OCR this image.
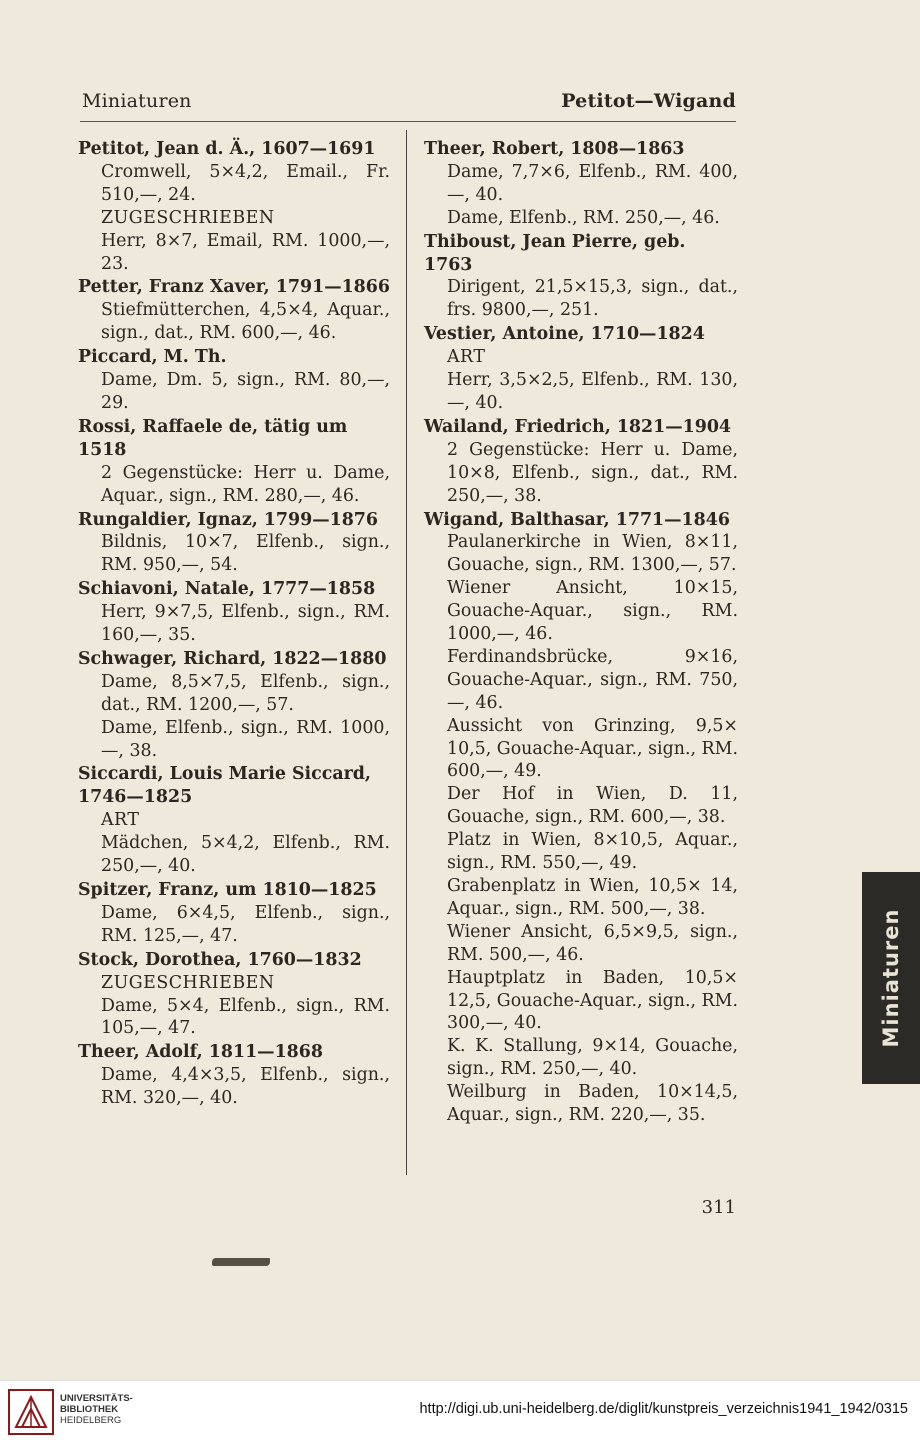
Miniaturen	Petitot—Wigand
Petitot, Jean d. Ä., 1607—1691
Cromwell, 5×4,2, Email., Fr. 510,—, 24.
ZUGESCHRIEBEN
Herr, 8×7, Email, RM. 1000,—, 23.
Petter, Franz Xaver, 1791—1866
Stiefmütterchen, 4,5×4, Aquar., sign., dat., RM. 600,—, 46.
Piccard, M. Th.
Dame, Dm. 5, sign., RM. 80,—, 29.
Rossi, Raffaele de, tätig um 1518
2 Gegenstücke: Herr u. Dame, Aquar., sign., RM. 280,—, 46.
Rungaldier, Ignaz, 1799—1876
Bildnis, 10×7, Elfenb., sign., RM. 950,—, 54.
Schiavoni, Natale, 1777—1858
Herr, 9×7,5, Elfenb., sign., RM. 160,—, 35.
Schwager, Richard, 1822—1880
Dame, 8,5×7,5, Elfenb., sign., dat., RM. 1200,—, 57.
Dame, Elfenb., sign., RM. 1000,—, 38.
Siccardi, Louis Marie Siccard, 1746—1825
ART
Mädchen, 5×4,2, Elfenb., RM. 250,—, 40.
Spitzer, Franz, um 1810—1825
Dame, 6×4,5, Elfenb., sign., RM. 125,—, 47.
Stock, Dorothea, 1760—1832
ZUGESCHRIEBEN
Dame, 5×4, Elfenb., sign., RM. 105,—, 47.
Theer, Adolf, 1811—1868
Dame, 4,4×3,5, Elfenb., sign., RM. 320,—, 40.
Theer, Robert, 1808—1863
Dame, 7,7×6, Elfenb., RM. 400,—, 40.
Dame, Elfenb., RM. 250,—, 46.
Thiboust, Jean Pierre, geb. 1763
Dirigent, 21,5×15,3, sign., dat., frs. 9800,—, 251.
Vestier, Antoine, 1710—1824
ART
Herr, 3,5×2,5, Elfenb., RM. 130,—, 40.
Wailand, Friedrich, 1821—1904
2 Gegenstücke: Herr u. Dame, 10×8, Elfenb., sign., dat., RM. 250,—, 38.
Wigand, Balthasar, 1771—1846
Paulanerkirche in Wien, 8×11, Gouache, sign., RM. 1300,—, 57.
Wiener Ansicht, 10×15, Gouache-Aquar., sign., RM. 1000,—, 46.
Ferdinandsbrücke, 9×16, Gouache-Aquar., sign., RM. 750,—, 46.
Aussicht von Grinzing, 9,5× 10,5, Gouache-Aquar., sign., RM. 600,—, 49.
Der Hof in Wien, D. 11, Gouache, sign., RM. 600,—, 38.
Platz in Wien, 8×10,5, Aquar., sign., RM. 550,—, 49.
Grabenplatz in Wien, 10,5× 14, Aquar., sign., RM. 500,—, 38.
Wiener Ansicht, 6,5×9,5, sign., RM. 500,—, 46.
Hauptplatz in Baden, 10,5× 12,5, Gouache-Aquar., sign., RM. 300,—, 40.
K. K. Stallung, 9×14, Gouache, sign., RM. 250,—, 40.
Weilburg in Baden, 10×14,5, Aquar., sign., RM. 220,—, 35.
311
Miniaturen
UNIVERSITÄTS-
BIBLIOTHEK
HEIDELBERG
http://digi.ub.uni-heidelberg.de/diglit/kunstpreis_verzeichnis1941_1942/0315
